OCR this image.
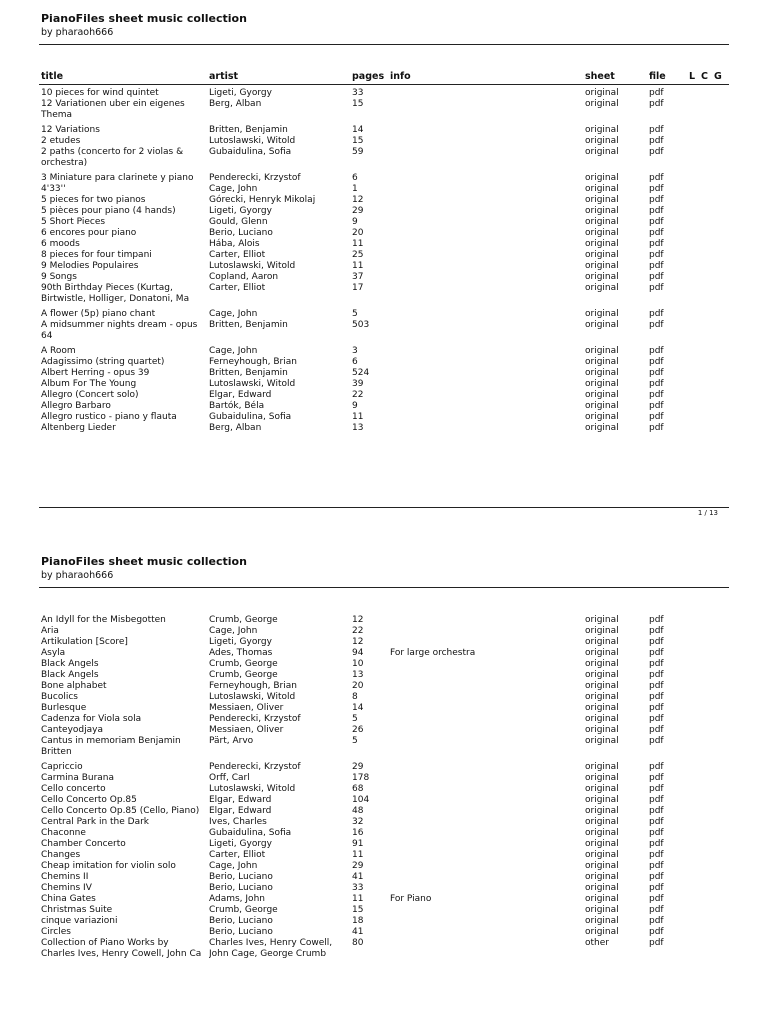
PianoFiles sheet music collection
by pharaoh666
title	artist	pages info	sheet	file L C G
10 pieces for wind quintet	Ligeti, Gyorgy	33	original	pdf
12 Variationen uber ein eigenes Thema
Berg, Alban	15	original	pdf
12 Variations	Britten, Benjamin	14	original	pdf
2 etudes	Lutoslawski, Witold	15	original	pdf
2 paths (concerto for 2 violas & orchestra)
Gubaidulina, Sofia	59	original	pdf
3 Miniature para clarinete y piano	Penderecki, Krzystof	6	original	pdf
4'33''	Cage, John	1	original	pdf
5 pieces for two pianos	Górecki, Henryk Mikolaj	12	original	pdf
5 pièces pour piano (4 hands)	Ligeti, Gyorgy	29	original	pdf
5 Short Pieces	Gould, Glenn	9	original	pdf
6 encores pour piano	Berio, Luciano	20	original	pdf
6 moods	Hába, Alois	11	original	pdf
8 pieces for four timpani	Carter, Elliot	25	original	pdf
9 Melodies Populaires	Lutoslawski, Witold	11	original	pdf
9 Songs	Copland, Aaron	37	original	pdf
90th Birthday Pieces (Kurtag, Birtwistle, Holliger, Donatoni, Ma
Carter, Elliot	17	original	pdf
A flower (5p) piano chant	Cage, John	5	original	pdf
A midsummer nights dream - opus 64
Britten, Benjamin	503	original	pdf
A Room	Cage, John	3	original	pdf
Adagissimo (string quartet)	Ferneyhough, Brian	6	original	pdf
Albert Herring - opus 39	Britten, Benjamin	524	original	pdf
Album For The Young	Lutoslawski, Witold	39	original	pdf
Allegro (Concert solo)	Elgar, Edward	22	original	pdf
Allegro Barbaro	Bartók, Béla	9	original	pdf
Allegro rustico - piano y flauta	Gubaidulina, Sofia	11	original	pdf
Altenberg Lieder	Berg, Alban	13	original	pdf
1 / 13
PianoFiles sheet music collection
by pharaoh666
An Idyll for the Misbegotten	Crumb, George	12	original	pdf
Aria	Cage, John	22	original	pdf
Artikulation [Score]	Ligeti, Gyorgy	12	original	pdf
Asyla	Ades, Thomas	94	For large orchestra	original	pdf
Black Angels	Crumb, George	10	original	pdf
Black Angels	Crumb, George	13	original	pdf
Bone alphabet	Ferneyhough, Brian	20	original	pdf
Bucolics	Lutoslawski, Witold	8	original	pdf
Burlesque	Messiaen, Oliver	14	original	pdf
Cadenza for Viola sola	Penderecki, Krzystof	5	original	pdf
Canteyodjaya	Messiaen, Oliver	26	original	pdf
Cantus in memoriam Benjamin Britten
Pärt, Arvo	5	original	pdf
Capriccio	Penderecki, Krzystof	29	original	pdf
Carmina Burana	Orff, Carl	178	original	pdf
Cello concerto	Lutoslawski, Witold	68	original	pdf
Cello Concerto Op.85	Elgar, Edward	104	original	pdf
Cello Concerto Op.85 (Cello, Piano)	Elgar, Edward	48	original	pdf
Central Park in the Dark	Ives, Charles	32	original	pdf
Chaconne	Gubaidulina, Sofia	16	original	pdf
Chamber Concerto	Ligeti, Gyorgy	91	original	pdf
Changes	Carter, Elliot	11	original	pdf
Cheap imitation for violin solo	Cage, John	29	original	pdf
Chemins II	Berio, Luciano	41	original	pdf
Chemins IV	Berio, Luciano	33	original	pdf
China Gates	Adams, John	11	For Piano	original	pdf
Christmas Suite	Crumb, George	15	original	pdf
cinque variazioni	Berio, Luciano	18	original	pdf
Circles	Berio, Luciano	41	original	pdf
Collection of Piano Works by Charles Ives, Henry Cowell, John Ca
Charles Ives, Henry Cowell, John Cage, George Crumb
80	other	pdf
